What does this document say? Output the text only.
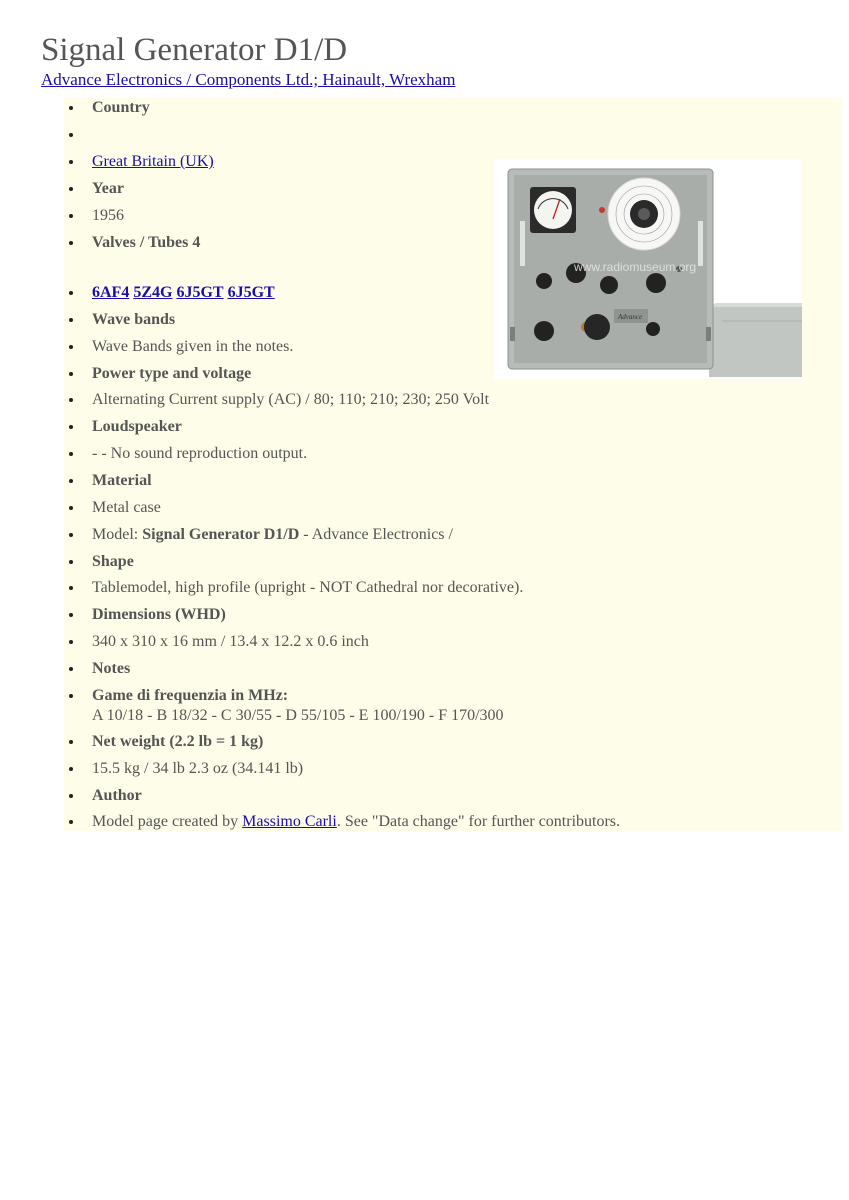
Signal Generator D1/D
Advance Electronics / Components Ltd.; Hainault, Wrexham
Country
Great Britain (UK)
Year
1956
Valves / Tubes 4
6AF4 5Z4G 6J5GT 6J5GT
Wave bands
Wave Bands given in the notes.
Power type and voltage
Alternating Current supply (AC) / 80; 110; 210; 230; 250 Volt
Loudspeaker
- - No sound reproduction output.
Material
Metal case
Model: Signal Generator D1/D - Advance Electronics /
Shape
Tablemodel, high profile (upright - NOT Cathedral nor decorative).
Dimensions (WHD)
340 x 310 x 16 mm / 13.4 x 12.2 x 0.6 inch
Notes
Game di frequenzia in MHz:
A 10/18 - B 18/32 - C 30/55 - D 55/105 - E 100/190 - F 170/300
Net weight (2.2 lb = 1 kg)
15.5 kg / 34 lb 2.3 oz (34.141 lb)
Author
Model page created by Massimo Carli. See "Data change" for further contributors.
www.radiomuseum.org
Advance
